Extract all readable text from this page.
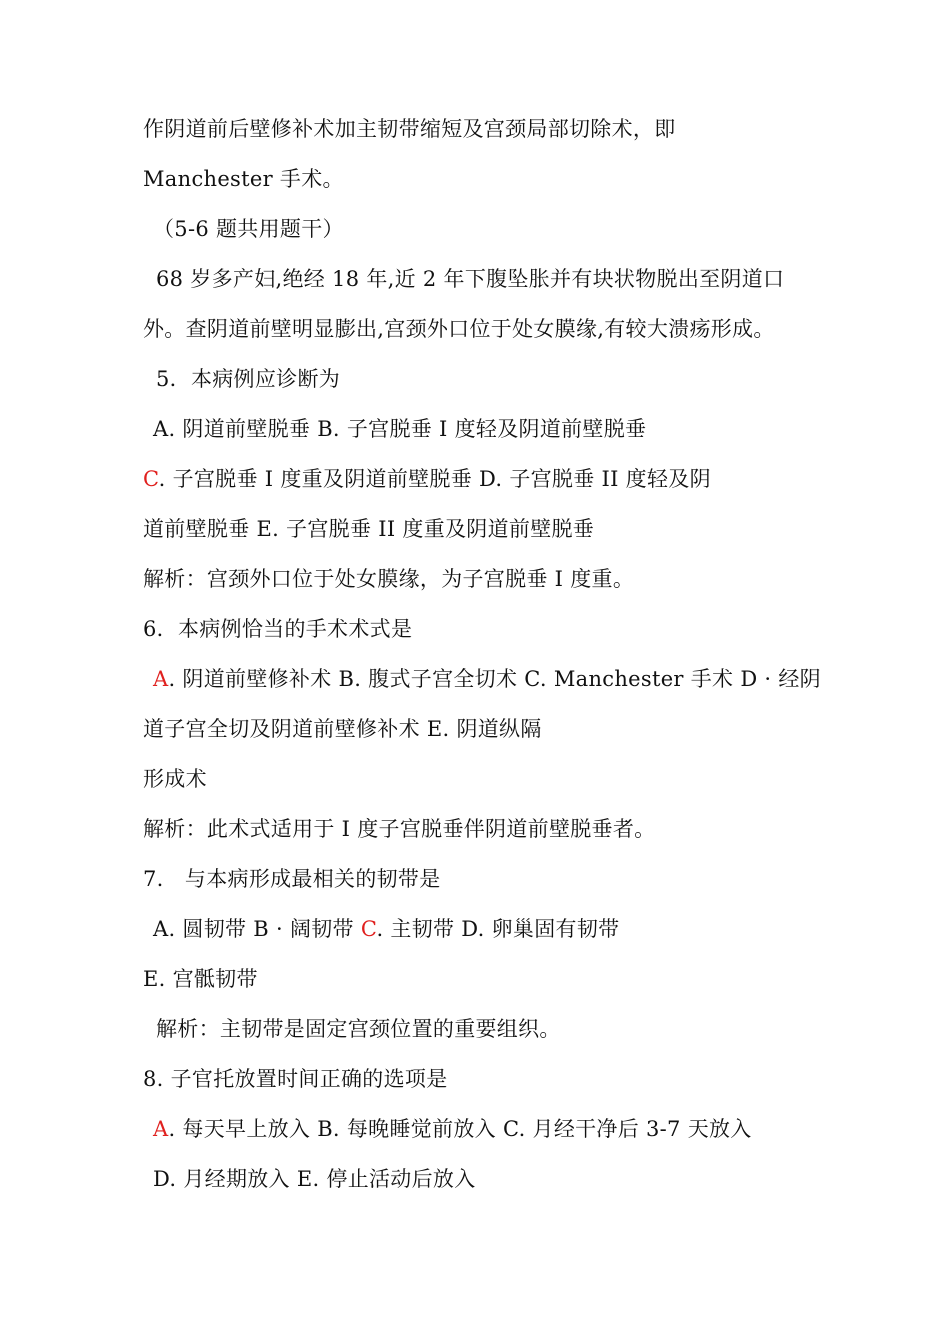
作阴道前后壁修补术加主韧带缩短及宫颈局部切除术，即
Manchester 手术。
（5-6 题共用题干）
68 岁多产妇,绝经 18 年,近 2 年下腹坠胀并有块状物脱出至阴道口
外。查阴道前壁明显膨出,宫颈外口位于处女膜缘,有较大溃疡形成。
5．本病例应诊断为
A. 阴道前壁脱垂 B. 子宫脱垂 I 度轻及阴道前壁脱垂
C. 子宫脱垂 I 度重及阴道前壁脱垂 D. 子宫脱垂 II 度轻及阴
道前壁脱垂 E. 子宫脱垂 II 度重及阴道前壁脱垂
解析：宫颈外口位于处女膜缘，为子宫脱垂 I 度重。
6．本病例恰当的手术术式是
A. 阴道前壁修补术 B. 腹式子宫全切术 C. Manchester 手术 D · 经阴
道子宫全切及阴道前壁修补术 E. 阴道纵隔
形成术
解析：此术式适用于 I 度子宫脱垂伴阴道前壁脱垂者。
7.　与本病形成最相关的韧带是
A. 圆韧带 B · 阔韧带 C. 主韧带 D. 卵巢固有韧带
E. 宫骶韧带
解析：主韧带是固定宫颈位置的重要组织。
8. 子官托放置时间正确的选项是
A. 每天早上放入 B. 每晚睡觉前放入 C. 月经干净后 3-7 天放入
D. 月经期放入 E. 停止活动后放入
